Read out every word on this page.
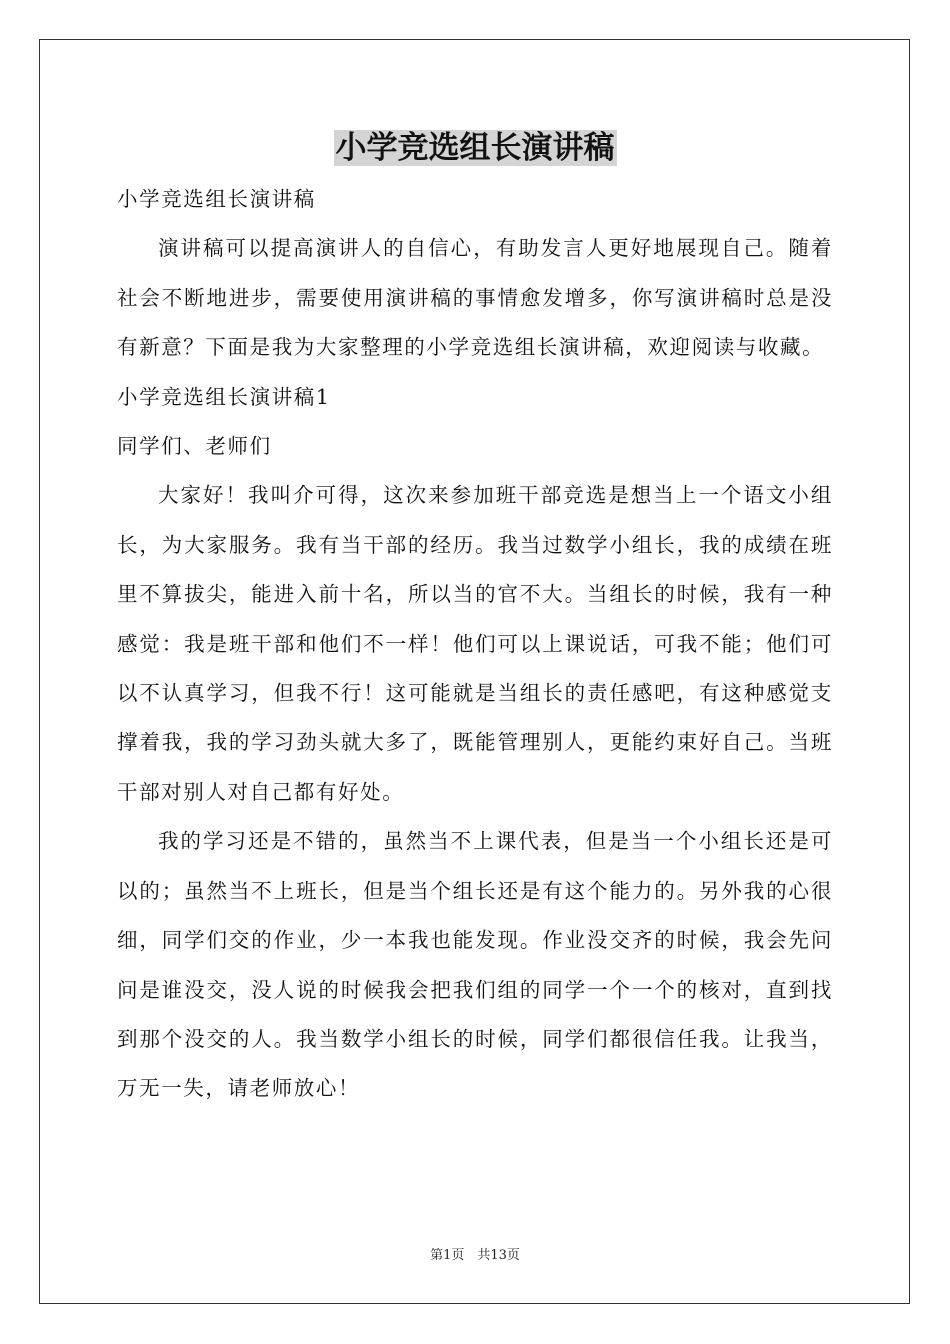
小学竞选组长演讲稿

小学竞选组长演讲稿

演讲稿可以提高演讲人的自信心，有助发言人更好地展现自己。随着社会不断地进步，需要使用演讲稿的事情愈发增多，你写演讲稿时总是没有新意？下面是我为大家整理的小学竞选组长演讲稿，欢迎阅读与收藏。

小学竞选组长演讲稿1

同学们、老师们

大家好！我叫介可得，这次来参加班干部竞选是想当上一个语文小组长，为大家服务。我有当干部的经历。我当过数学小组长，我的成绩在班里不算拔尖，能进入前十名，所以当的官不大。当组长的时候，我有一种感觉：我是班干部和他们不一样！他们可以上课说话，可我不能；他们可以不认真学习，但我不行！这可能就是当组长的责任感吧，有这种感觉支撑着我，我的学习劲头就大多了，既能管理别人，更能约束好自己。当班干部对别人对自己都有好处。

我的学习还是不错的，虽然当不上课代表，但是当一个小组长还是可以的；虽然当不上班长，但是当个组长还是有这个能力的。另外我的心很细，同学们交的作业，少一本我也能发现。作业没交齐的时候，我会先问问是谁没交，没人说的时候我会把我们组的同学一个一个的核对，直到找到那个没交的人。我当数学小组长的时候，同学们都很信任我。让我当，万无一失，请老师放心！

第1页　共13页
